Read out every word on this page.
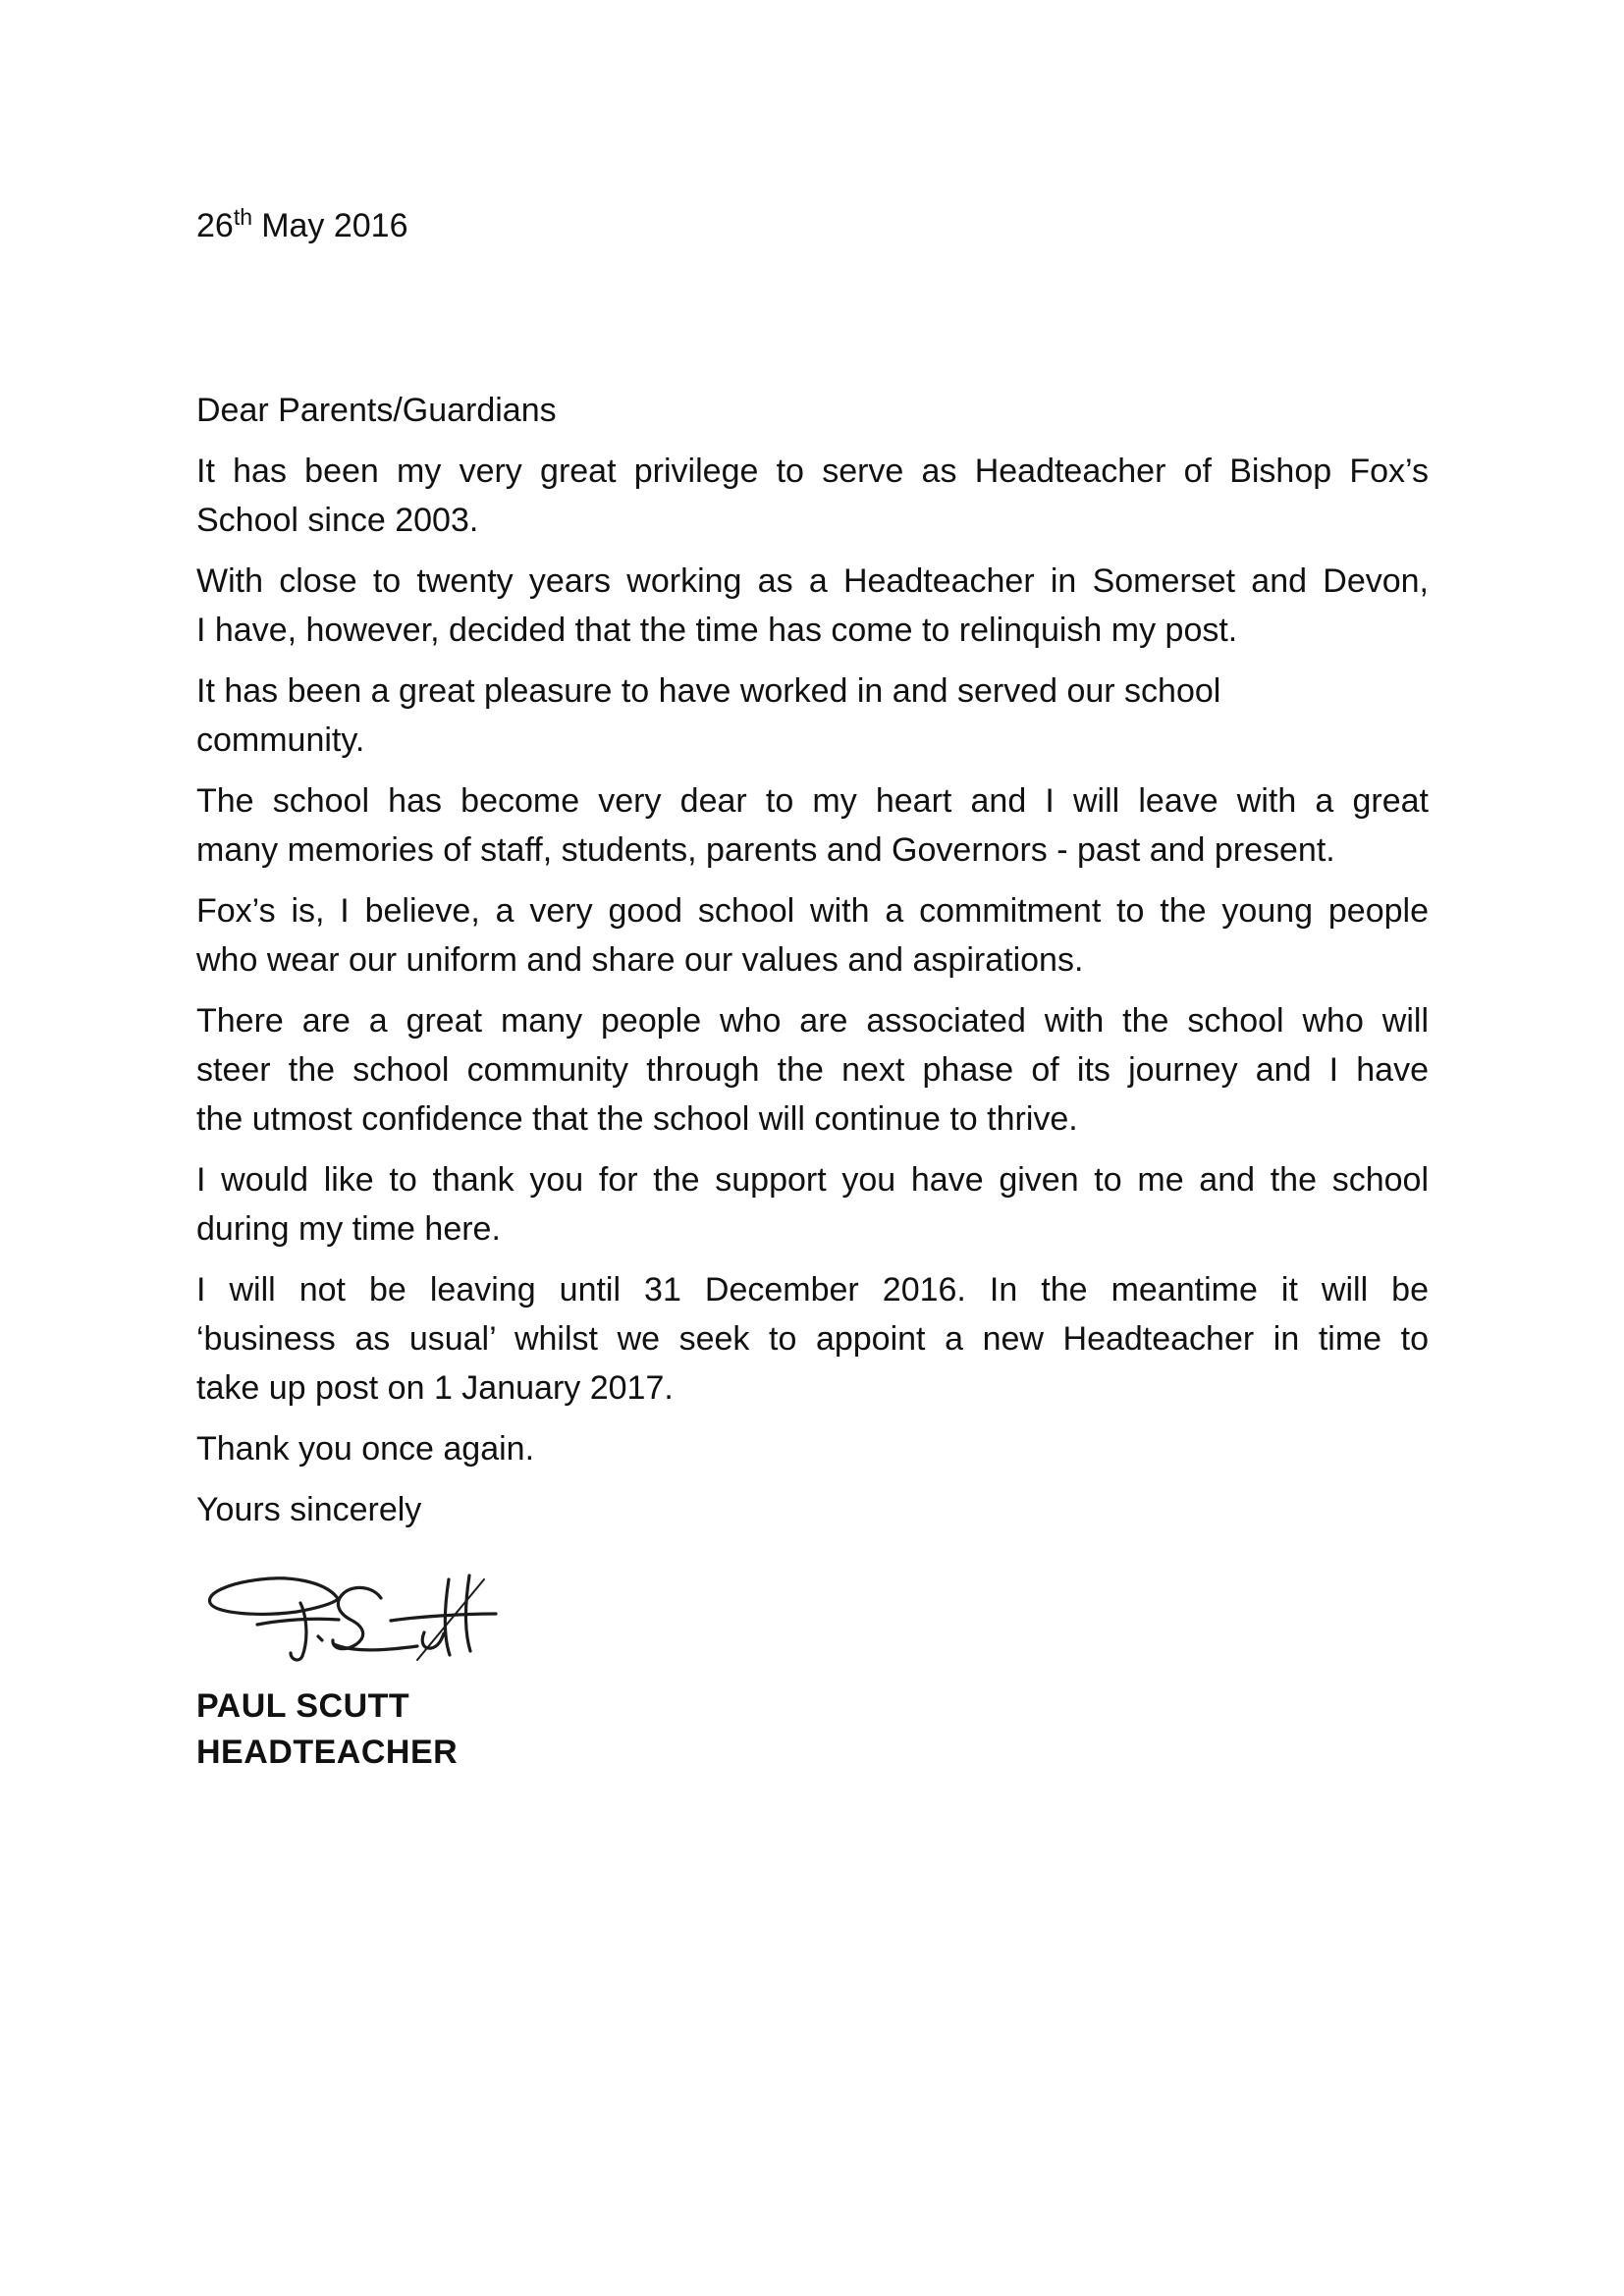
26th May 2016
Dear Parents/Guardians
It has been my very great privilege to serve as Headteacher of Bishop Fox’s
School since 2003.
With close to twenty years working as a Headteacher in Somerset and Devon,
I have, however, decided that the time has come to relinquish my post.
It has been a great pleasure to have worked in and served our school
community.
The school has become very dear to my heart and I will leave with a great
many memories of staff, students, parents and Governors - past and present.
Fox’s is, I believe, a very good school with a commitment to the young people
who wear our uniform and share our values and aspirations.
There are a great many people who are associated with the school who will
steer the school community through the next phase of its journey and I have
the utmost confidence that the school will continue to thrive.
I would like to thank you for the support you have given to me and the school
during my time here.
I will not be leaving until 31 December 2016. In the meantime it will be
‘business as usual’ whilst we seek to appoint a new Headteacher in time to
take up post on 1 January 2017.
Thank you once again.
Yours sincerely
PAUL SCUTT
HEADTEACHER
